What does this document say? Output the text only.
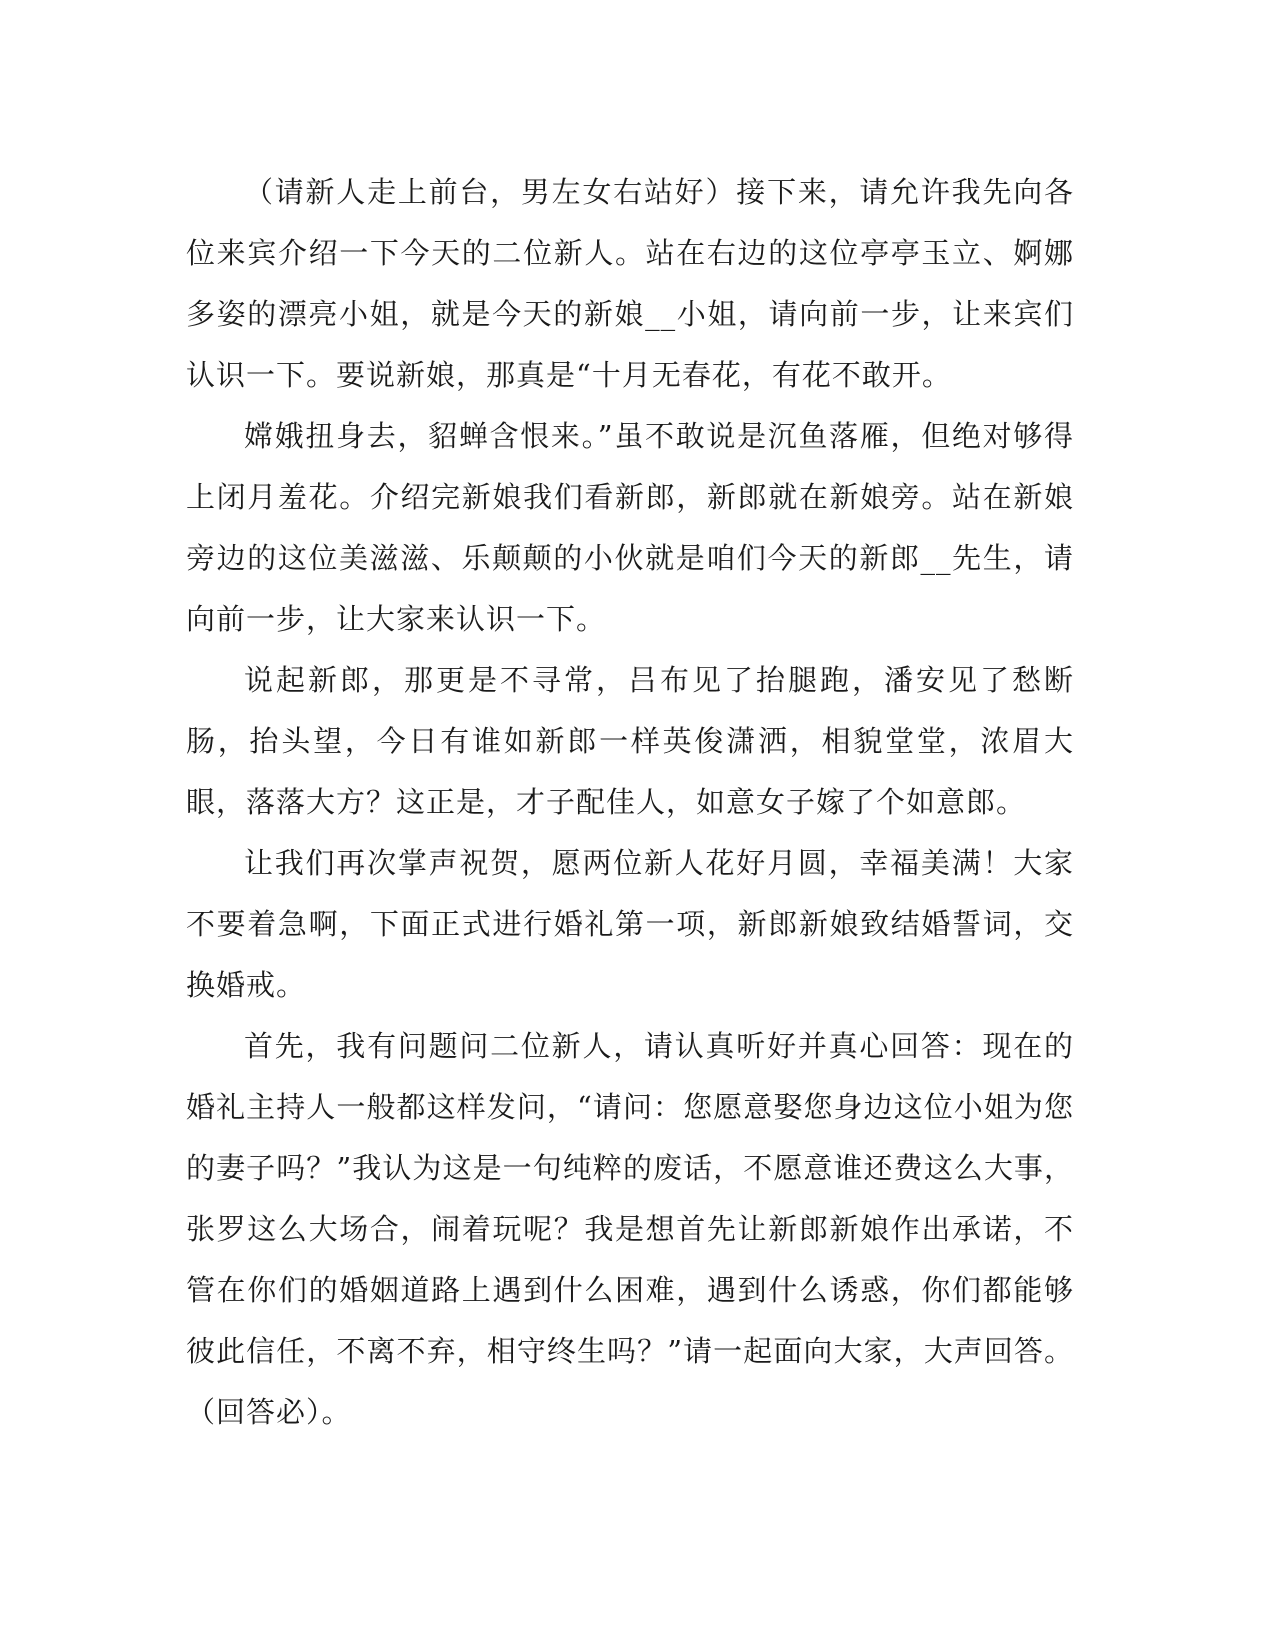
（请新人走上前台，男左女右站好）接下来，请允许我先向各位来宾介绍一下今天的二位新人。站在右边的这位亭亭玉立、婀娜多姿的漂亮小姐，就是今天的新娘__小姐，请向前一步，让来宾们认识一下。要说新娘，那真是“十月无春花，有花不敢开。

嫦娥扭身去，貂蝉含恨来。”虽不敢说是沉鱼落雁，但绝对够得上闭月羞花。介绍完新娘我们看新郎，新郎就在新娘旁。站在新娘旁边的这位美滋滋、乐颠颠的小伙就是咱们今天的新郎__先生，请向前一步，让大家来认识一下。

说起新郎，那更是不寻常，吕布见了抬腿跑，潘安见了愁断肠，抬头望，今日有谁如新郎一样英俊潇洒，相貌堂堂，浓眉大眼，落落大方？这正是，才子配佳人，如意女子嫁了个如意郎。

让我们再次掌声祝贺，愿两位新人花好月圆，幸福美满！大家不要着急啊，下面正式进行婚礼第一项，新郎新娘致结婚誓词，交换婚戒。

首先，我有问题问二位新人，请认真听好并真心回答：现在的婚礼主持人一般都这样发问，“请问：您愿意娶您身边这位小姐为您的妻子吗？”我认为这是一句纯粹的废话，不愿意谁还费这么大事，张罗这么大场合，闹着玩呢？我是想首先让新郎新娘作出承诺，不管在你们的婚姻道路上遇到什么困难，遇到什么诱惑，你们都能够彼此信任，不离不弃，相守终生吗？”请一起面向大家，大声回答。（回答必）。
